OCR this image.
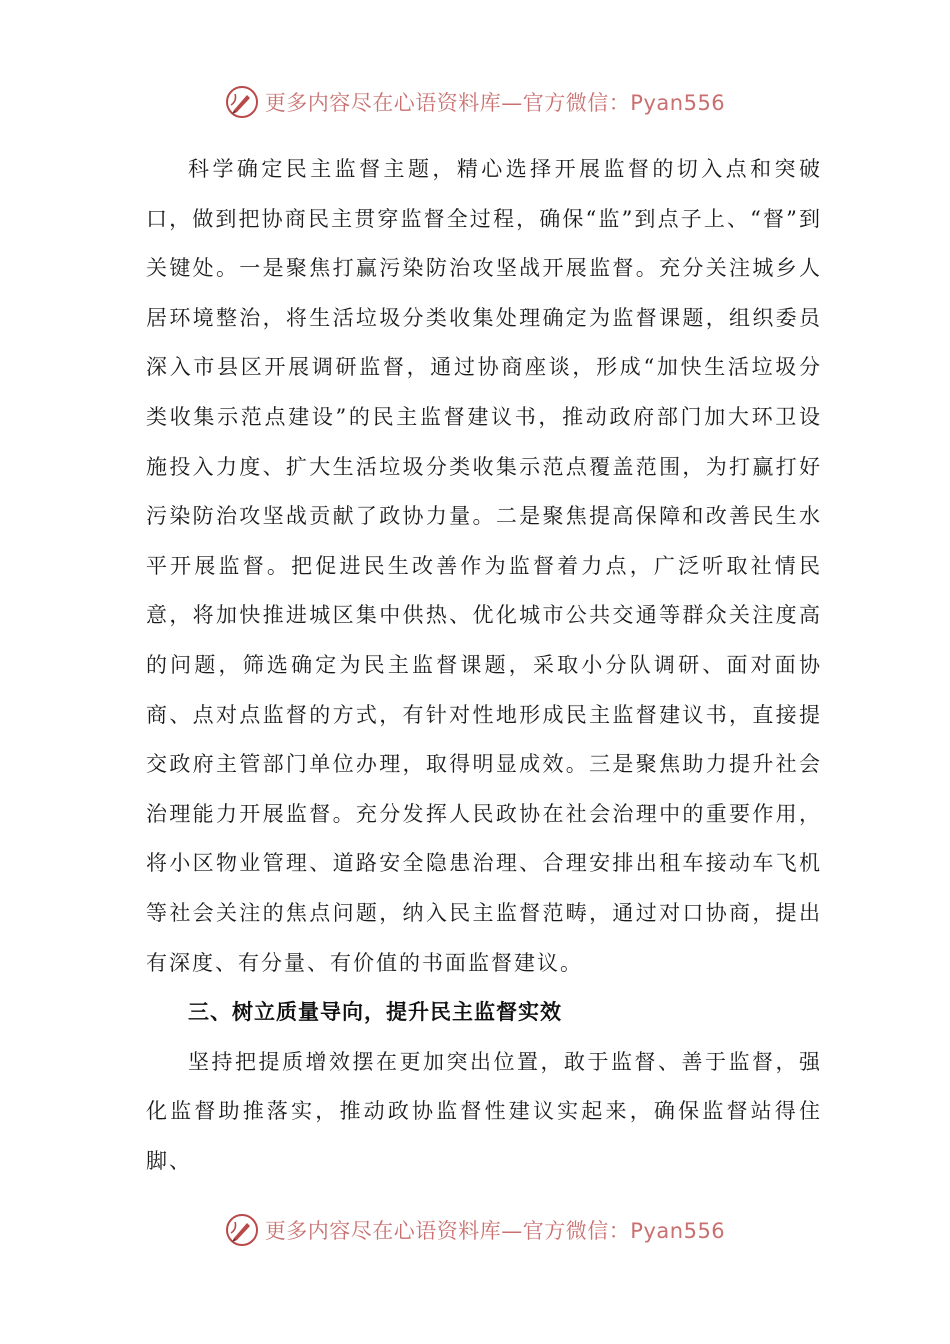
更多内容尽在心语资料库—官方微信：Pyan556

科学确定民主监督主题，精心选择开展监督的切入点和突破口，做到把协商民主贯穿监督全过程，确保“监”到点子上、“督”到关键处。一是聚焦打赢污染防治攻坚战开展监督。充分关注城乡人居环境整治，将生活垃圾分类收集处理确定为监督课题，组织委员深入市县区开展调研监督，通过协商座谈，形成“加快生活垃圾分类收集示范点建设”的民主监督建议书，推动政府部门加大环卫设施投入力度、扩大生活垃圾分类收集示范点覆盖范围，为打赢打好污染防治攻坚战贡献了政协力量。二是聚焦提高保障和改善民生水平开展监督。把促进民生改善作为监督着力点，广泛听取社情民意，将加快推进城区集中供热、优化城市公共交通等群众关注度高的问题，筛选确定为民主监督课题，采取小分队调研、面对面协商、点对点监督的方式，有针对性地形成民主监督建议书，直接提交政府主管部门单位办理，取得明显成效。三是聚焦助力提升社会治理能力开展监督。充分发挥人民政协在社会治理中的重要作用，将小区物业管理、道路安全隐患治理、合理安排出租车接动车飞机等社会关注的焦点问题，纳入民主监督范畴，通过对口协商，提出有深度、有分量、有价值的书面监督建议。

三、树立质量导向，提升民主监督实效

坚持把提质增效摆在更加突出位置，敢于监督、善于监督，强化监督助推落实，推动政协监督性建议实起来，确保监督站得住脚、

更多内容尽在心语资料库—官方微信：Pyan556
